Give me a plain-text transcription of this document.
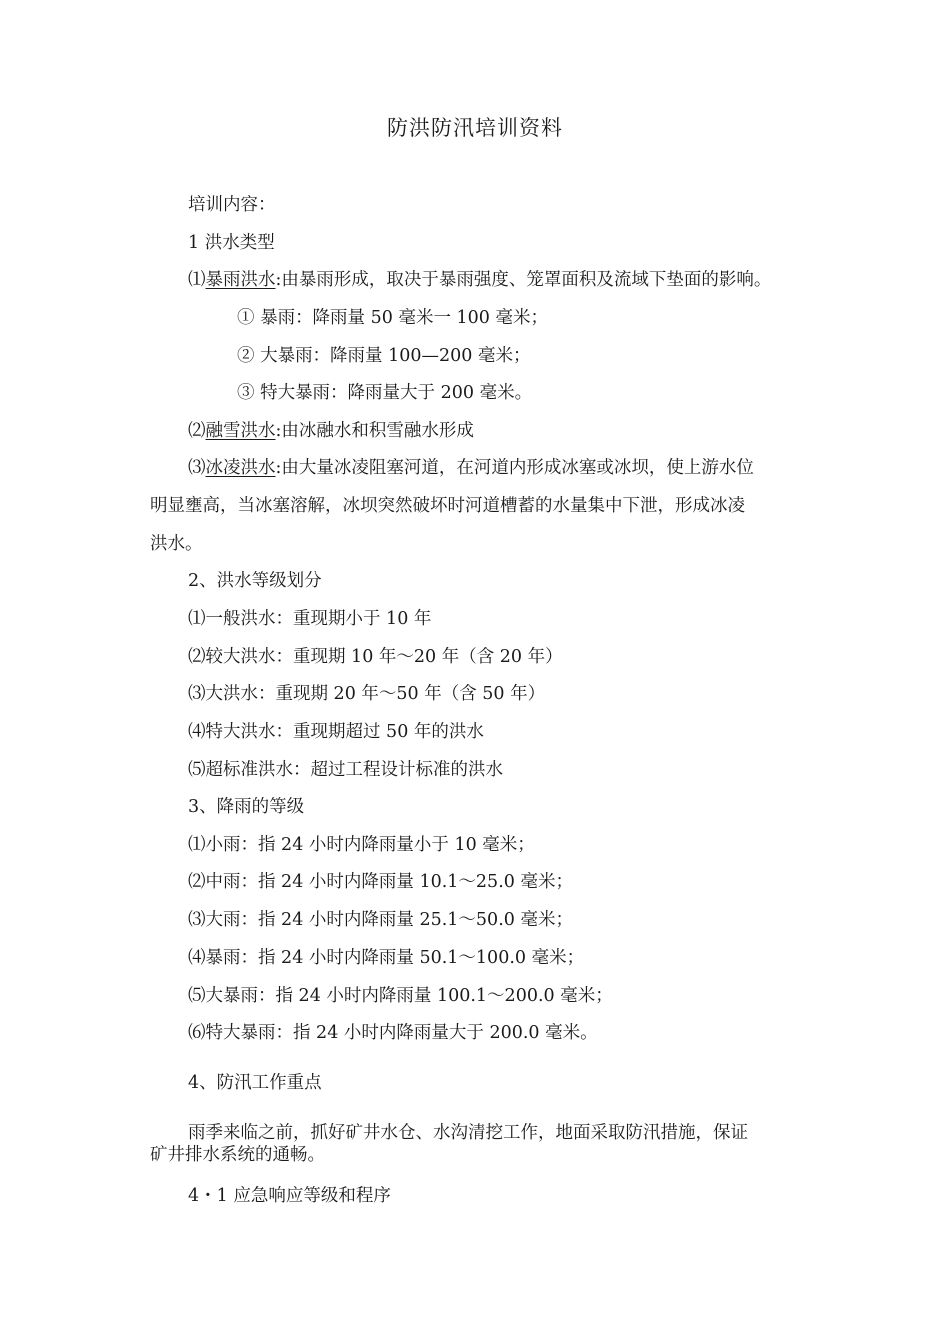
防洪防汛培训资料
培训内容：
1 洪水类型
⑴暴雨洪水:由暴雨形成，取决于暴雨强度、笼罩面积及流域下垫面的影响。
① 暴雨：降雨量 50 毫米一 100 毫米；
② 大暴雨：降雨量 100—200 毫米；
③ 特大暴雨：降雨量大于 200 毫米。
⑵融雪洪水:由冰融水和积雪融水形成
⑶冰凌洪水:由大量冰凌阻塞河道，在河道内形成冰塞或冰坝，使上游水位
明显壅高，当冰塞溶解，冰坝突然破坏时河道槽蓄的水量集中下泄，形成冰凌
洪水。
2、洪水等级划分
⑴一般洪水：重现期小于 10 年
⑵较大洪水：重现期 10 年〜20 年（含 20 年）
⑶大洪水：重现期 20 年〜50 年（含 50 年）
⑷特大洪水：重现期超过 50 年的洪水
⑸超标准洪水：超过工程设计标准的洪水
3、降雨的等级
⑴小雨：指 24 小时内降雨量小于 10 毫米；
⑵中雨：指 24 小时内降雨量 10.1〜25.0 毫米；
⑶大雨：指 24 小时内降雨量 25.1〜50.0 毫米；
⑷暴雨：指 24 小时内降雨量 50.1〜100.0 毫米；
⑸大暴雨：指 24 小时内降雨量 100.1〜200.0 毫米；
⑹特大暴雨：指 24 小时内降雨量大于 200.0 毫米。
4、防汛工作重点
雨季来临之前，抓好矿井水仓、水沟清挖工作，地面采取防汛措施，保证
矿井排水系统的通畅。
4・1 应急响应等级和程序
